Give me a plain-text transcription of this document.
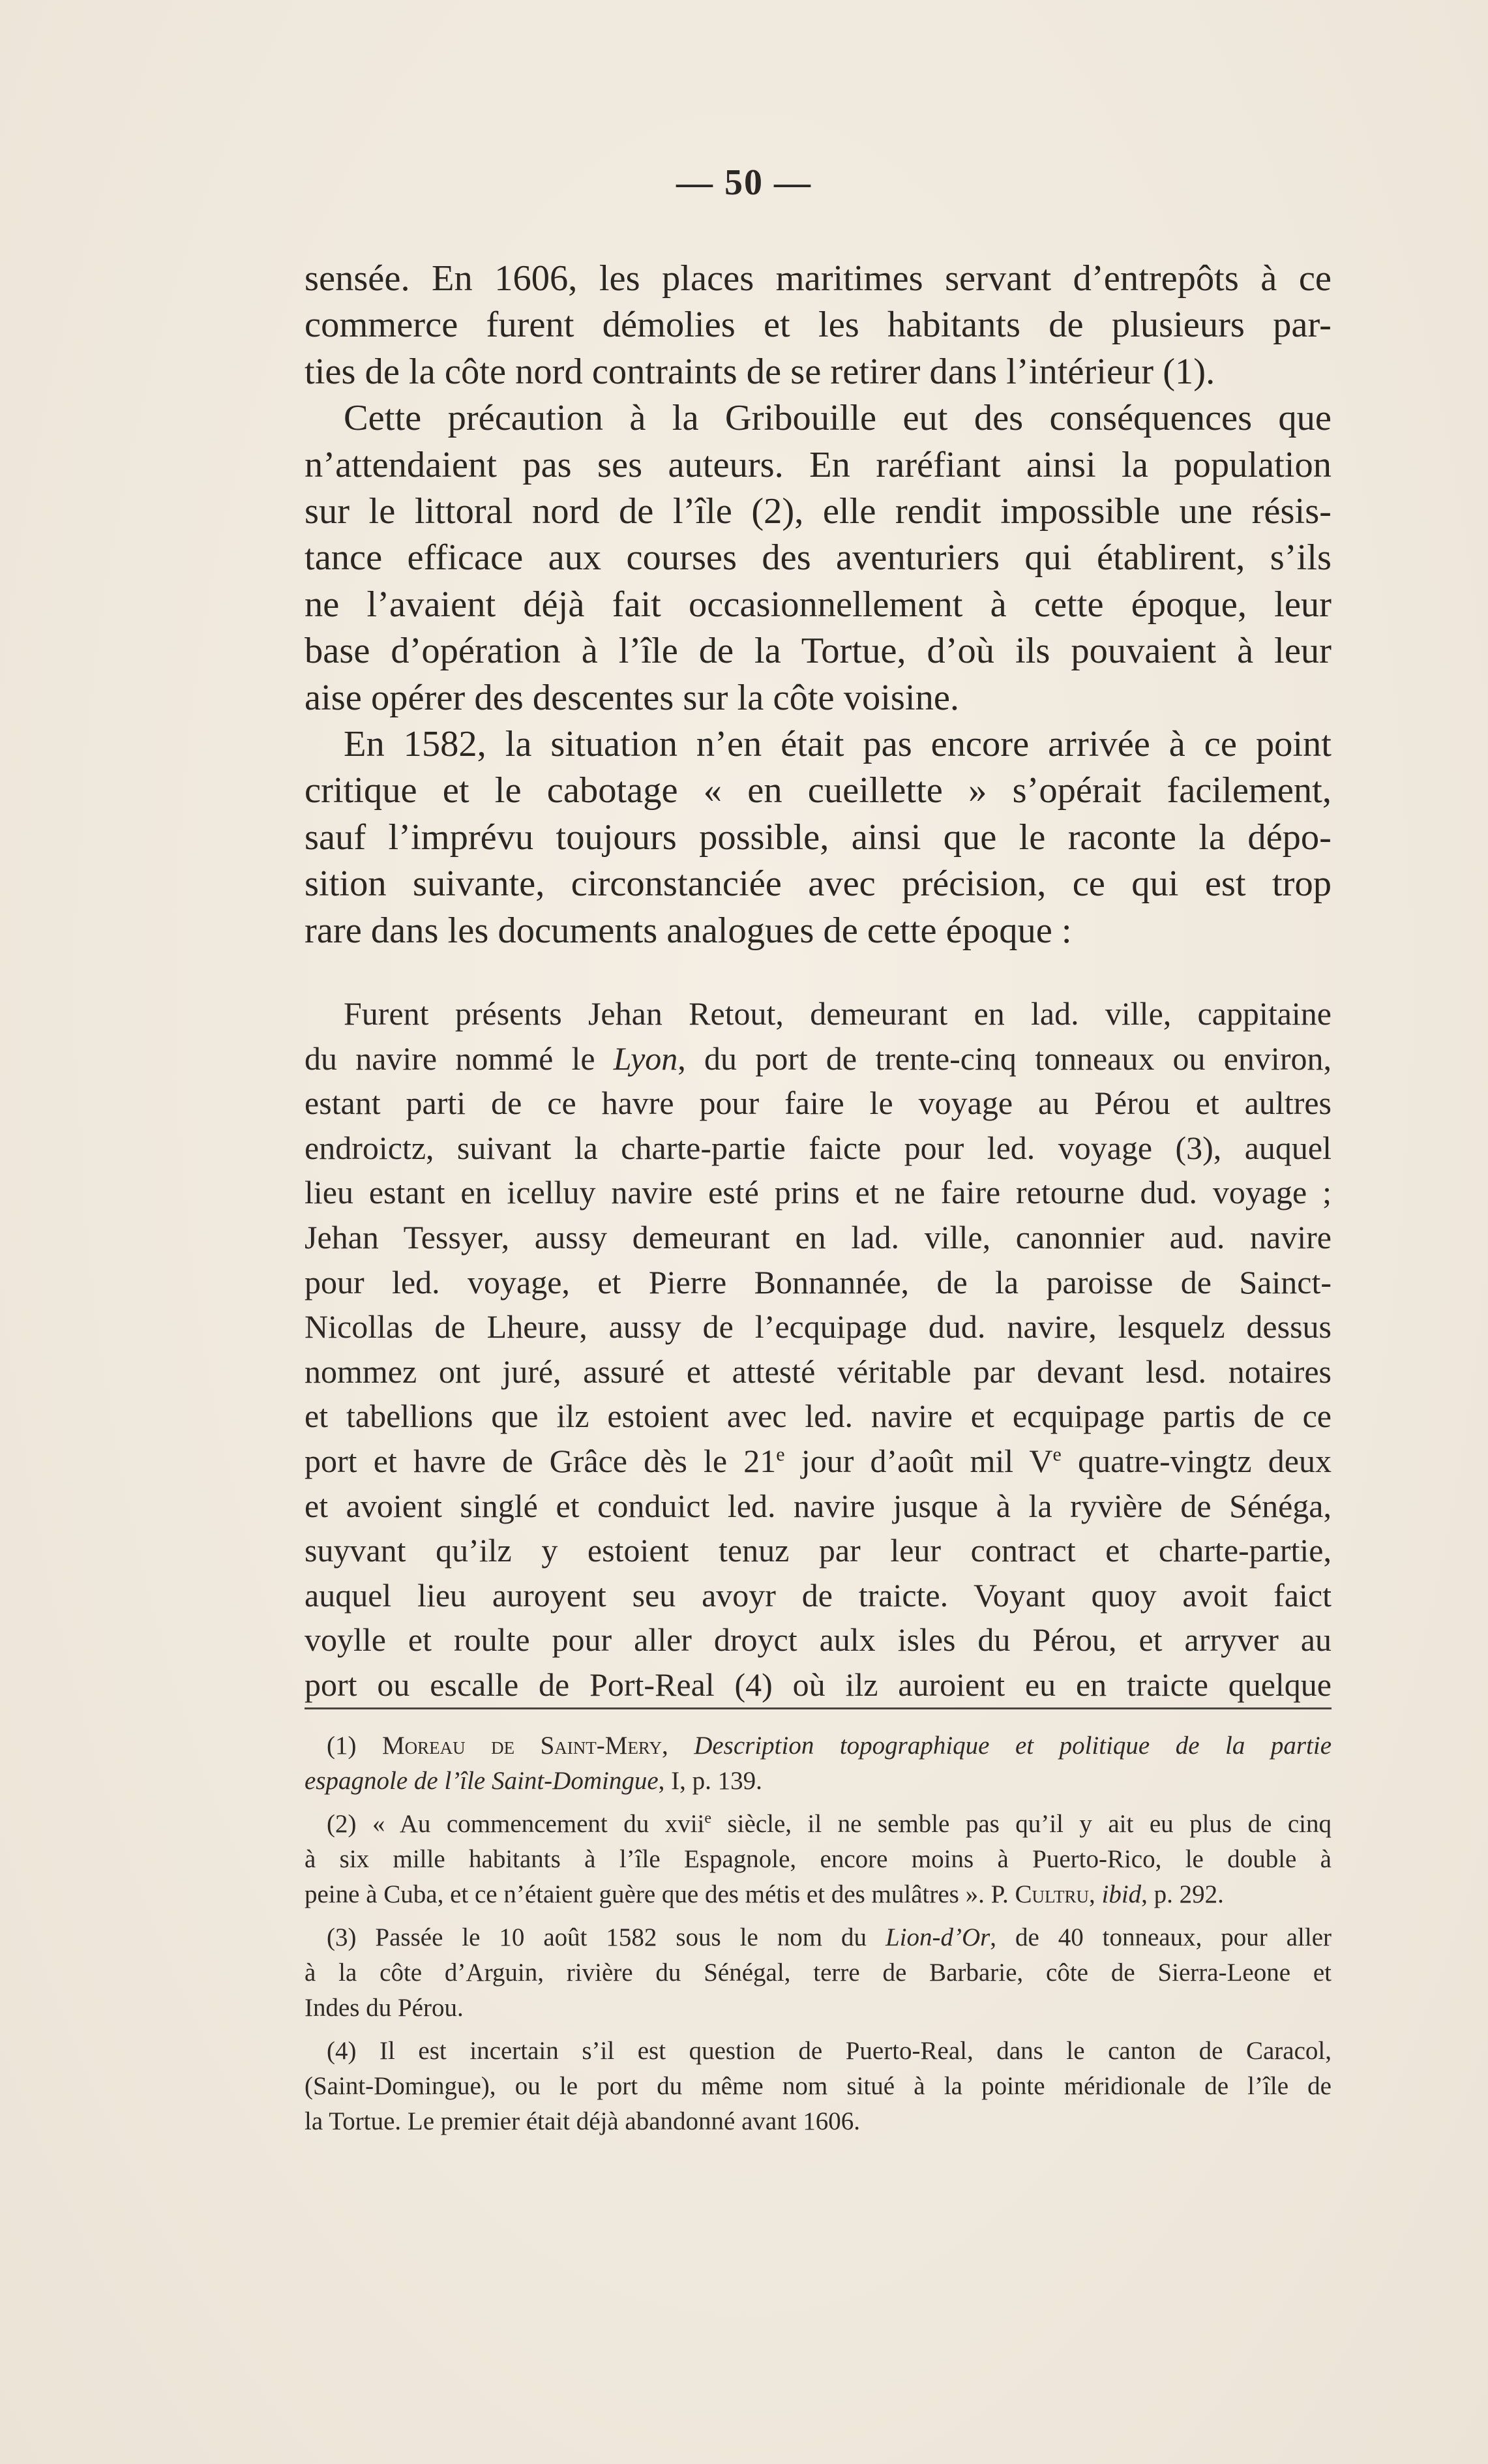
— 50 —
sensée. En 1606, les places maritimes servant d’entrepôts à ce
commerce furent démolies et les habitants de plusieurs par-
ties de la côte nord contraints de se retirer dans l’intérieur (1).
Cette précaution à la Gribouille eut des conséquences que
n’attendaient pas ses auteurs. En raréfiant ainsi la population
sur le littoral nord de l’île (2), elle rendit impossible une résis-
tance efficace aux courses des aventuriers qui établirent, s’ils
ne l’avaient déjà fait occasionnellement à cette époque, leur
base d’opération à l’île de la Tortue, d’où ils pouvaient à leur
aise opérer des descentes sur la côte voisine.
En 1582, la situation n’en était pas encore arrivée à ce point
critique et le cabotage « en cueillette » s’opérait facilement,
sauf l’imprévu toujours possible, ainsi que le raconte la dépo-
sition suivante, circonstanciée avec précision, ce qui est trop
rare dans les documents analogues de cette époque :
Furent présents Jehan Retout, demeurant en lad. ville, cappitaine
du navire nommé le Lyon, du port de trente-cinq tonneaux ou environ,
estant parti de ce havre pour faire le voyage au Pérou et aultres
endroictz, suivant la charte-partie faicte pour led. voyage (3), auquel
lieu estant en icelluy navire esté prins et ne faire retourne dud. voyage ;
Jehan Tessyer, aussy demeurant en lad. ville, canonnier aud. navire
pour led. voyage, et Pierre Bonnannée, de la paroisse de Sainct-
Nicollas de Lheure, aussy de l’ecquipage dud. navire, lesquelz dessus
nommez ont juré, assuré et attesté véritable par devant lesd. notaires
et tabellions que ilz estoient avec led. navire et ecquipage partis de ce
port et havre de Grâce dès le 21e jour d’août mil Ve quatre-vingtz deux
et avoient singlé et conduict led. navire jusque à la ryvière de Sénéga,
suyvant qu’ilz y estoient tenuz par leur contract et charte-partie,
auquel lieu auroyent seu avoyr de traicte. Voyant quoy avoit faict
voylle et roulte pour aller droyct aulx isles du Pérou, et arryver au
port ou escalle de Port-Real (4) où ilz auroient eu en traicte quelque
(1) Moreau de Saint-Mery, Description topographique et politique de la partie
espagnole de l’île Saint-Domingue, I, p. 139.
(2) « Au commencement du xvii$^e$ siècle, il ne semble pas qu’il y ait eu plus de cinq
à six mille habitants à l’île Espagnole, encore moins à Puerto-Rico, le double à
peine à Cuba, et ce n’étaient guère que des métis et des mulâtres ». P. Cultru, ibid, p. 292.
(3) Passée le 10 août 1582 sous le nom du Lion-d’Or, de 40 tonneaux, pour aller
à la côte d’Arguin, rivière du Sénégal, terre de Barbarie, côte de Sierra-Leone et
Indes du Pérou.
(4) Il est incertain s’il est question de Puerto-Real, dans le canton de Caracol,
(Saint-Domingue), ou le port du même nom situé à la pointe méridionale de l’île de
la Tortue. Le premier était déjà abandonné avant 1606.
